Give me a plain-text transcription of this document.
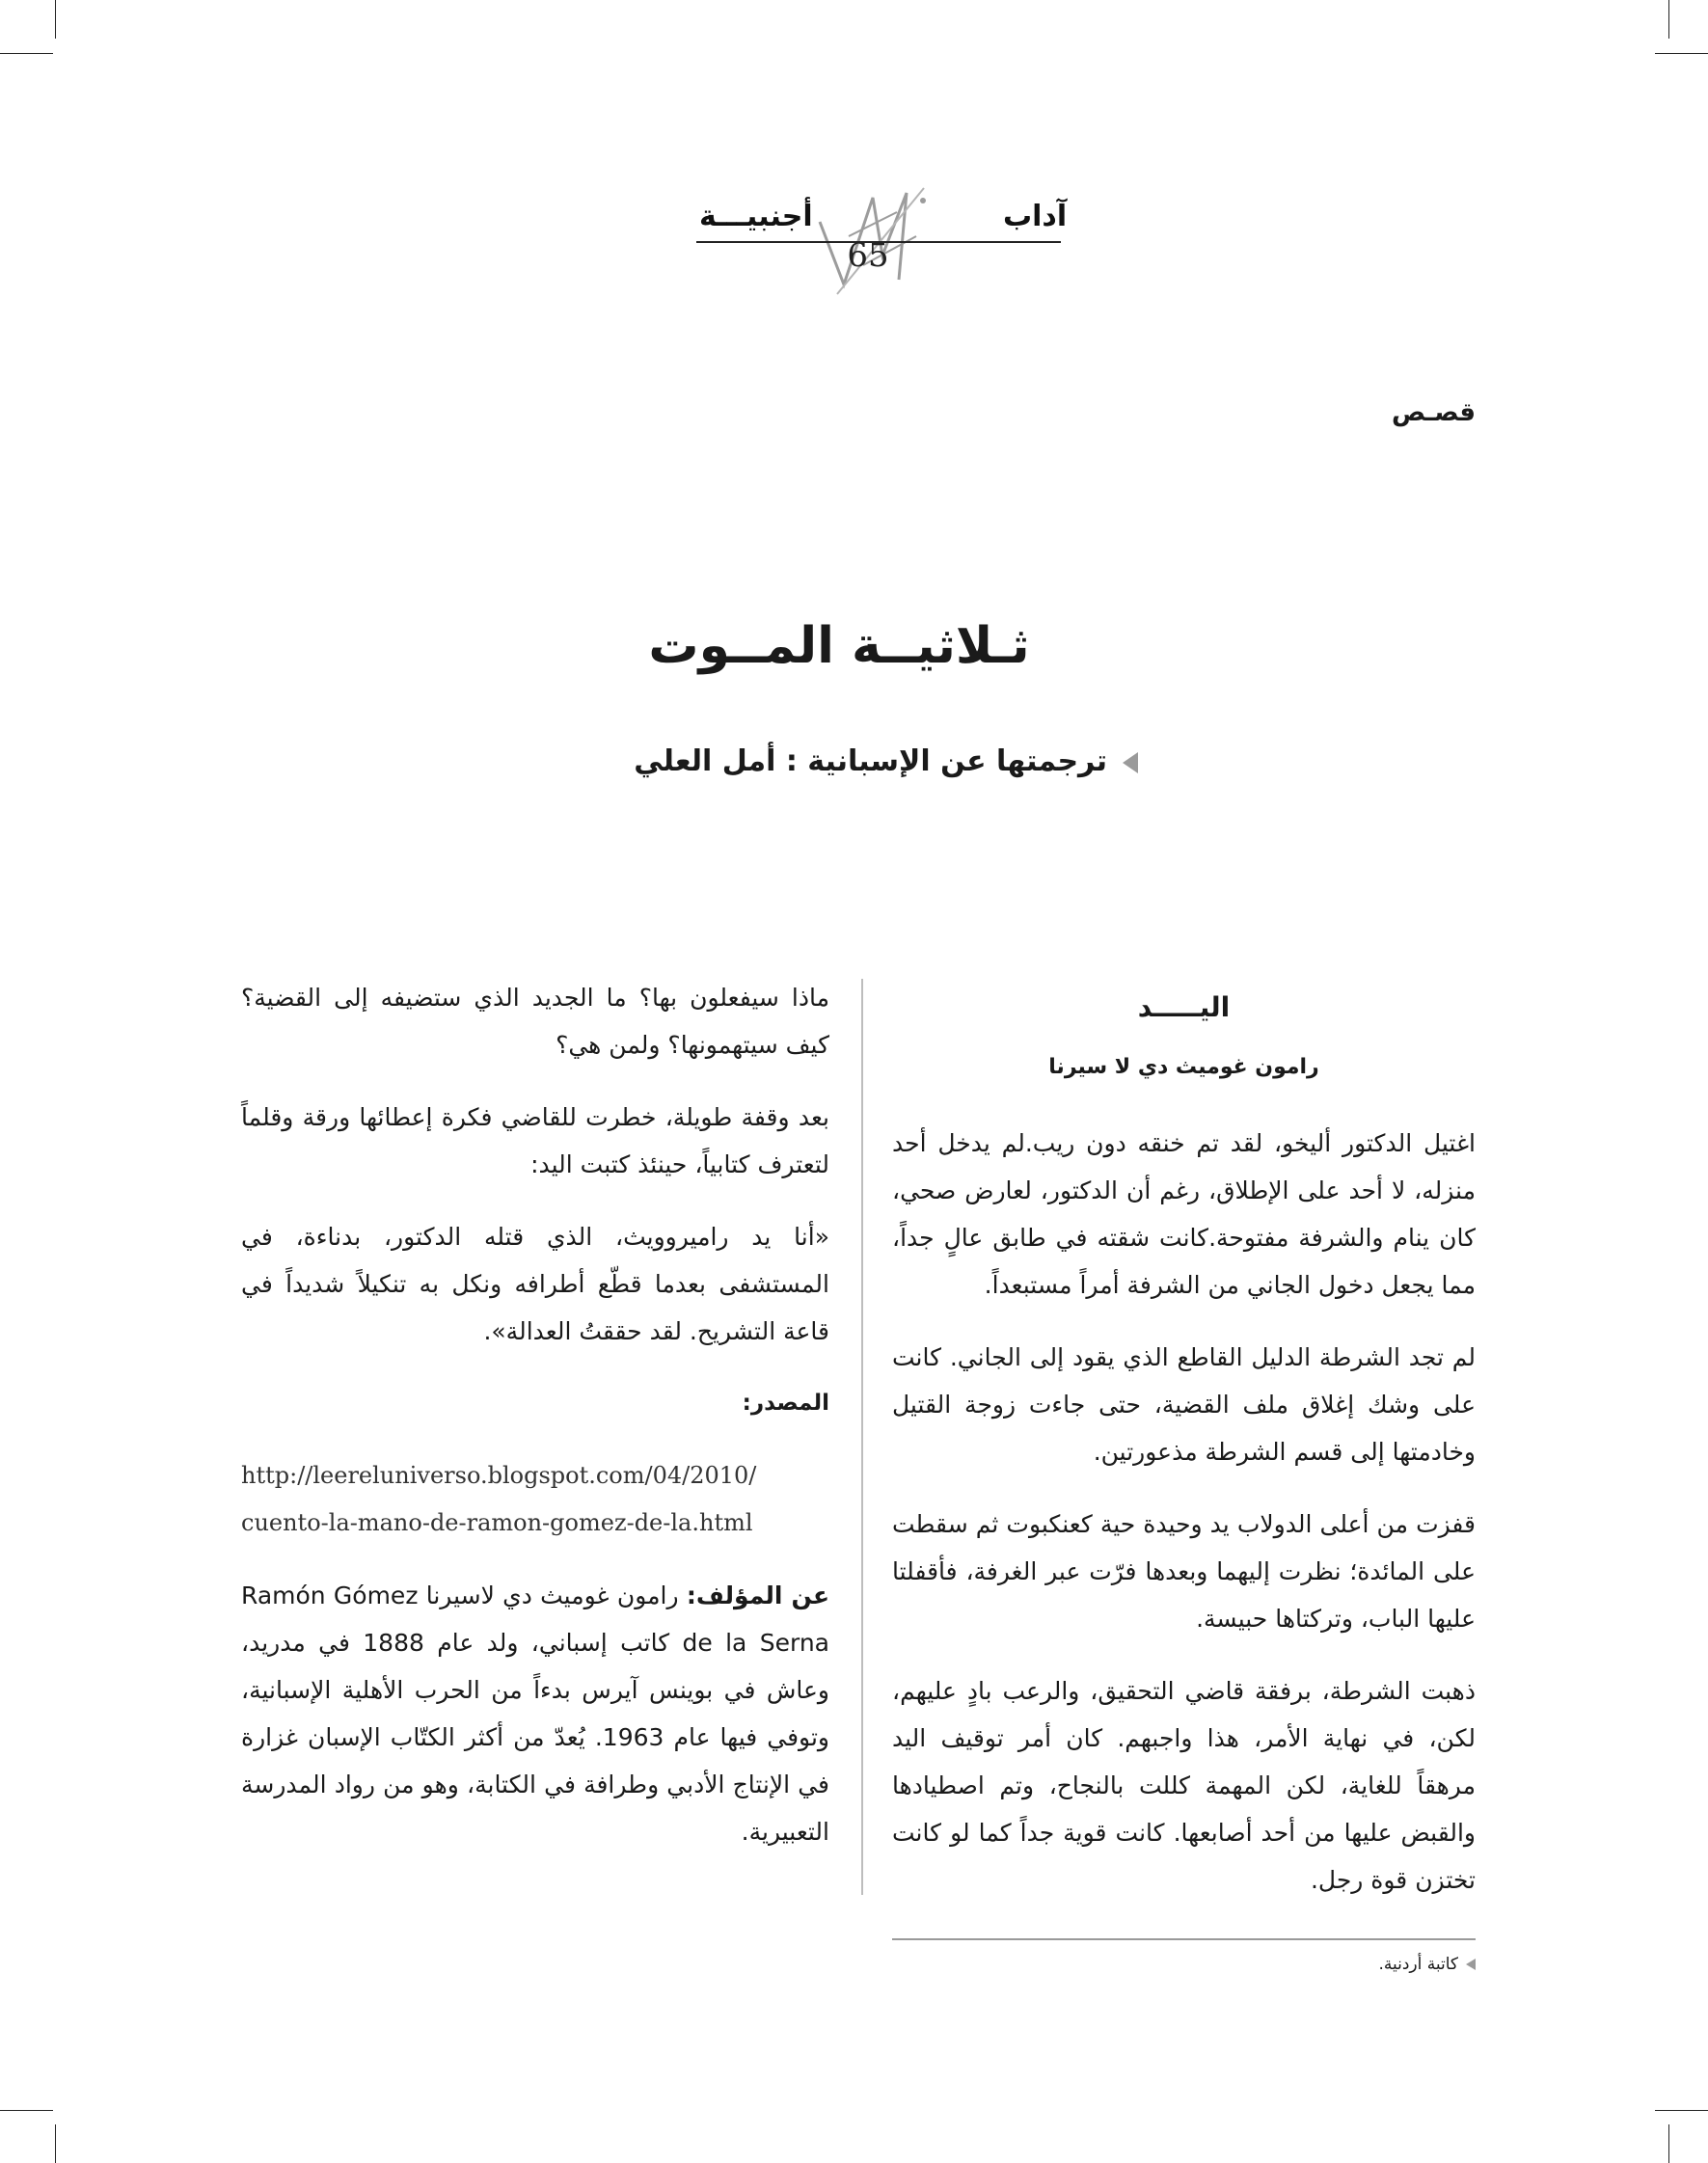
آداب
أجنبيـــة
65
قصـص
ثـلاثيــة المــوت
ترجمتها عن الإسبانية : أمل العلي
اليـــــد
رامون غوميث دي لا سيرنا

اغتيل الدكتور أليخو، لقد تم خنقه دون ريب.لم يدخل أحد منزله، لا أحد على الإطلاق، رغم أن الدكتور، لعارض صحي، كان ينام والشرفة مفتوحة.كانت شقته في طابق عالٍ جداً، مما يجعل دخول الجاني من الشرفة أمراً مستبعداً.

لم تجد الشرطة الدليل القاطع الذي يقود إلى الجاني. كانت على وشك إغلاق ملف القضية، حتى جاءت زوجة القتيل وخادمتها إلى قسم الشرطة مذعورتين.

قفزت من أعلى الدولاب يد وحيدة حية كعنكبوت ثم سقطت على المائدة؛ نظرت إليهما وبعدها فرّت عبر الغرفة، فأقفلتا عليها الباب، وتركتاها حبيسة.

ذهبت الشرطة، برفقة قاضي التحقيق، والرعب بادٍ عليهم، لكن، في نهاية الأمر، هذا واجبهم. كان أمر توقيف اليد مرهقاً للغاية، لكن المهمة كللت بالنجاح، وتم اصطيادها والقبض عليها من أحد أصابعها. كانت قوية جداً كما لو كانت تختزن قوة رجل.

ماذا سيفعلون بها؟ ما الجديد الذي ستضيفه إلى القضية؟ كيف سيتهمونها؟ ولمن هي؟

بعد وقفة طويلة، خطرت للقاضي فكرة إعطائها ورقة وقلماً لتعترف كتابياً، حينئذ كتبت اليد:

«أنا يد راميروويث، الذي قتله الدكتور، بدناءة، في المستشفى بعدما قطّع أطرافه ونكل به تنكيلاً شديداً في قاعة التشريح. لقد حققتُ العدالة».

المصدر:

http://leereluniverso.blogspot.com/04/2010/
cuento-la-mano-de-ramon-gomez-de-la.html

عن المؤلف: رامون غوميث دي لاسيرنا Ramón Gómez de la Serna كاتب إسباني، ولد عام 1888 في مدريد، وعاش في بوينس آيرس بدءاً من الحرب الأهلية الإسبانية، وتوفي فيها عام 1963. يُعدّ من أكثر الكتّاب الإسبان غزارة في الإنتاج الأدبي وطرافة في الكتابة، وهو من رواد المدرسة التعبيرية.

كاتبة أردنية.
